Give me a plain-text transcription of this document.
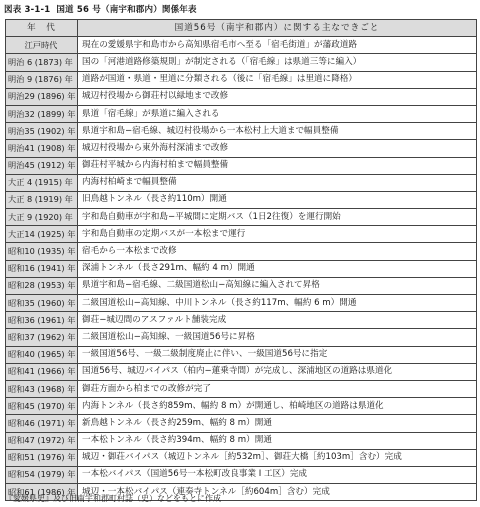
図表 3-1-1 国道 56 号（南宇和郡内）関係年表
年　代	国道56号（南宇和郡内）に関する主なできごと
江戸時代	現在の愛媛県宇和島市から高知県宿毛市へ至る「宿毛街道」が藩政道路
明治 6 (1873) 年	国の「河港道路修築規則」が制定される（「宿毛線」は県道三等に編入）
明治 9 (1876) 年	道路が国道・県道・里道に分類される（後に「宿毛線」は里道に降格）
明治29 (1896) 年	城辺村役場から御荘村以緑地まで改修
明治32 (1899) 年	県道「宿毛線」が県道に編入される
明治35 (1902) 年	県道宇和島−宿毛線、城辺村役場から一本松村上大道まで幅員整備
明治41 (1908) 年	城辺村役場から東外海村深浦まで改修
明治45 (1912) 年	御荘村平城から内海村柏まで幅員整備
大正 4 (1915) 年	内海村柏崎まで幅員整備
大正 8 (1919) 年	旧鳥越トンネル（長さ約110m）開通
大正 9 (1920) 年	宇和島自動車が宇和島−平城間に定期バス（1日2往復）を運行開始
大正14 (1925) 年	宇和島自動車の定期バスが一本松まで運行
昭和10 (1935) 年	宿毛から一本松まで改修
昭和16 (1941) 年	深浦トンネル（長さ291m、幅約 4 m）開通
昭和28 (1953) 年	県道宇和島−宿毛線、二級国道松山−高知線に編入されて昇格
昭和35 (1960) 年	二級国道松山−高知線、中川トンネル（長さ約117m、幅約 6 m）開通
昭和36 (1961) 年	御荘−城辺間のアスファルト舗装完成
昭和37 (1962) 年	二級国道松山−高知線、一級国道56号に昇格
昭和40 (1965) 年	一級国道56号、一級二級制度廃止に伴い、一級国道56号に指定
昭和41 (1966) 年	国道56号、城辺バイパス（柏内−蓮乗寺間）が完成し、深浦地区の道路は県道化
昭和43 (1968) 年	御荘方面から柏までの改修が完了
昭和45 (1970) 年	内海トンネル（長さ約859m、幅約 8 m）が開通し、柏崎地区の道路は県道化
昭和46 (1971) 年	新鳥越トンネル（長さ約259m、幅約 8 m）開通
昭和47 (1972) 年	一本松トンネル（長さ約394m、幅約 8 m）開通
昭和51 (1976) 年	城辺・御荘バイパス（城辺トンネル［約532m］、御荘大橋［約103m］含む）完成
昭和54 (1979) 年	一本松バイパス（国道56号一本松町改良事業 I 工区）完成
昭和61 (1986) 年	城辺・一本松バイパス（連奏寺トンネル［約604m］含む）完成
『愛媛県史』及び旧南宇和郡町村誌（史）などをもとに作成
